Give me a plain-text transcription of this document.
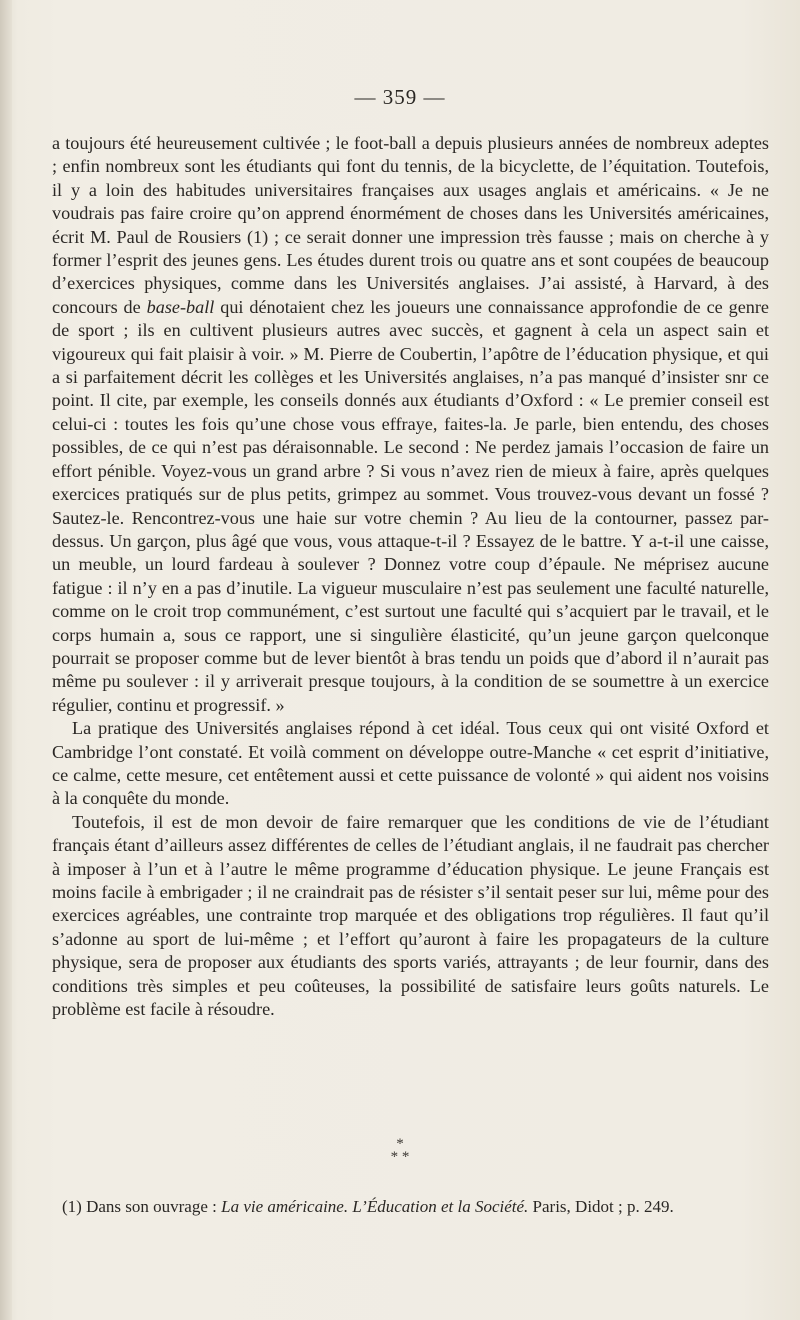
— 359 —

a toujours été heureusement cultivée ; le foot-ball a depuis plusieurs années de nombreux adeptes ; enfin nombreux sont les étudiants qui font du tennis, de la bicyclette, de l’équitation. Toutefois, il y a loin des habitudes universitaires françaises aux usages anglais et américains. « Je ne voudrais pas faire croire qu’on apprend énormément de choses dans les Universités américaines, écrit M. Paul de Rousiers (1) ; ce serait donner une impression très fausse ; mais on cherche à y former l’esprit des jeunes gens. Les études durent trois ou quatre ans et sont coupées de beaucoup d’exercices physiques, comme dans les Universités anglaises. J’ai assisté, à Harvard, à des concours de base-ball qui dénotaient chez les joueurs une connaissance approfondie de ce genre de sport ; ils en cultivent plusieurs autres avec succès, et gagnent à cela un aspect sain et vigoureux qui fait plaisir à voir. » M. Pierre de Coubertin, l’apôtre de l’éducation physique, et qui a si parfaitement décrit les collèges et les Universités anglaises, n’a pas manqué d’insister snr ce point. Il cite, par exemple, les conseils donnés aux étudiants d’Oxford : « Le premier conseil est celui-ci : toutes les fois qu’une chose vous effraye, faites-la. Je parle, bien entendu, des choses possibles, de ce qui n’est pas déraisonnable. Le second : Ne perdez jamais l’occasion de faire un effort pénible. Voyez-vous un grand arbre ? Si vous n’avez rien de mieux à faire, après quelques exercices pratiqués sur de plus petits, grimpez au sommet. Vous trouvez-vous devant un fossé ? Sautez-le. Rencontrez-vous une haie sur votre chemin ? Au lieu de la contourner, passez par-dessus. Un garçon, plus âgé que vous, vous attaque-t-il ? Essayez de le battre. Y a-t-il une caisse, un meuble, un lourd fardeau à soulever ? Donnez votre coup d’épaule. Ne méprisez aucune fatigue : il n’y en a pas d’inutile. La vigueur musculaire n’est pas seulement une faculté naturelle, comme on le croit trop communément, c’est surtout une faculté qui s’acquiert par le travail, et le corps humain a, sous ce rapport, une si singulière élasticité, qu’un jeune garçon quelconque pourrait se proposer comme but de lever bientôt à bras tendu un poids que d’abord il n’aurait pas même pu soulever : il y arriverait presque toujours, à la condition de se soumettre à un exercice régulier, continu et progressif. »

La pratique des Universités anglaises répond à cet idéal. Tous ceux qui ont visité Oxford et Cambridge l’ont constaté. Et voilà comment on développe outre-Manche « cet esprit d’initiative, ce calme, cette mesure, cet entêtement aussi et cette puissance de volonté » qui aident nos voisins à la conquête du monde.

Toutefois, il est de mon devoir de faire remarquer que les conditions de vie de l’étudiant français étant d’ailleurs assez différentes de celles de l’étudiant anglais, il ne faudrait pas chercher à imposer à l’un et à l’autre le même programme d’éducation physique. Le jeune Français est moins facile à embrigader ; il ne craindrait pas de résister s’il sentait peser sur lui, même pour des exercices agréables, une contrainte trop marquée et des obligations trop régulières. Il faut qu’il s’adonne au sport de lui-même ; et l’effort qu’auront à faire les propagateurs de la culture physique, sera de proposer aux étudiants des sports variés, attrayants ; de leur fournir, dans des conditions très simples et peu coûteuses, la possibilité de satisfaire leurs goûts naturels. Le problème est facile à résoudre.

*
* *
(1) Dans son ouvrage : La vie américaine. L’Éducation et la Société. Paris, Didot ; p. 249.
